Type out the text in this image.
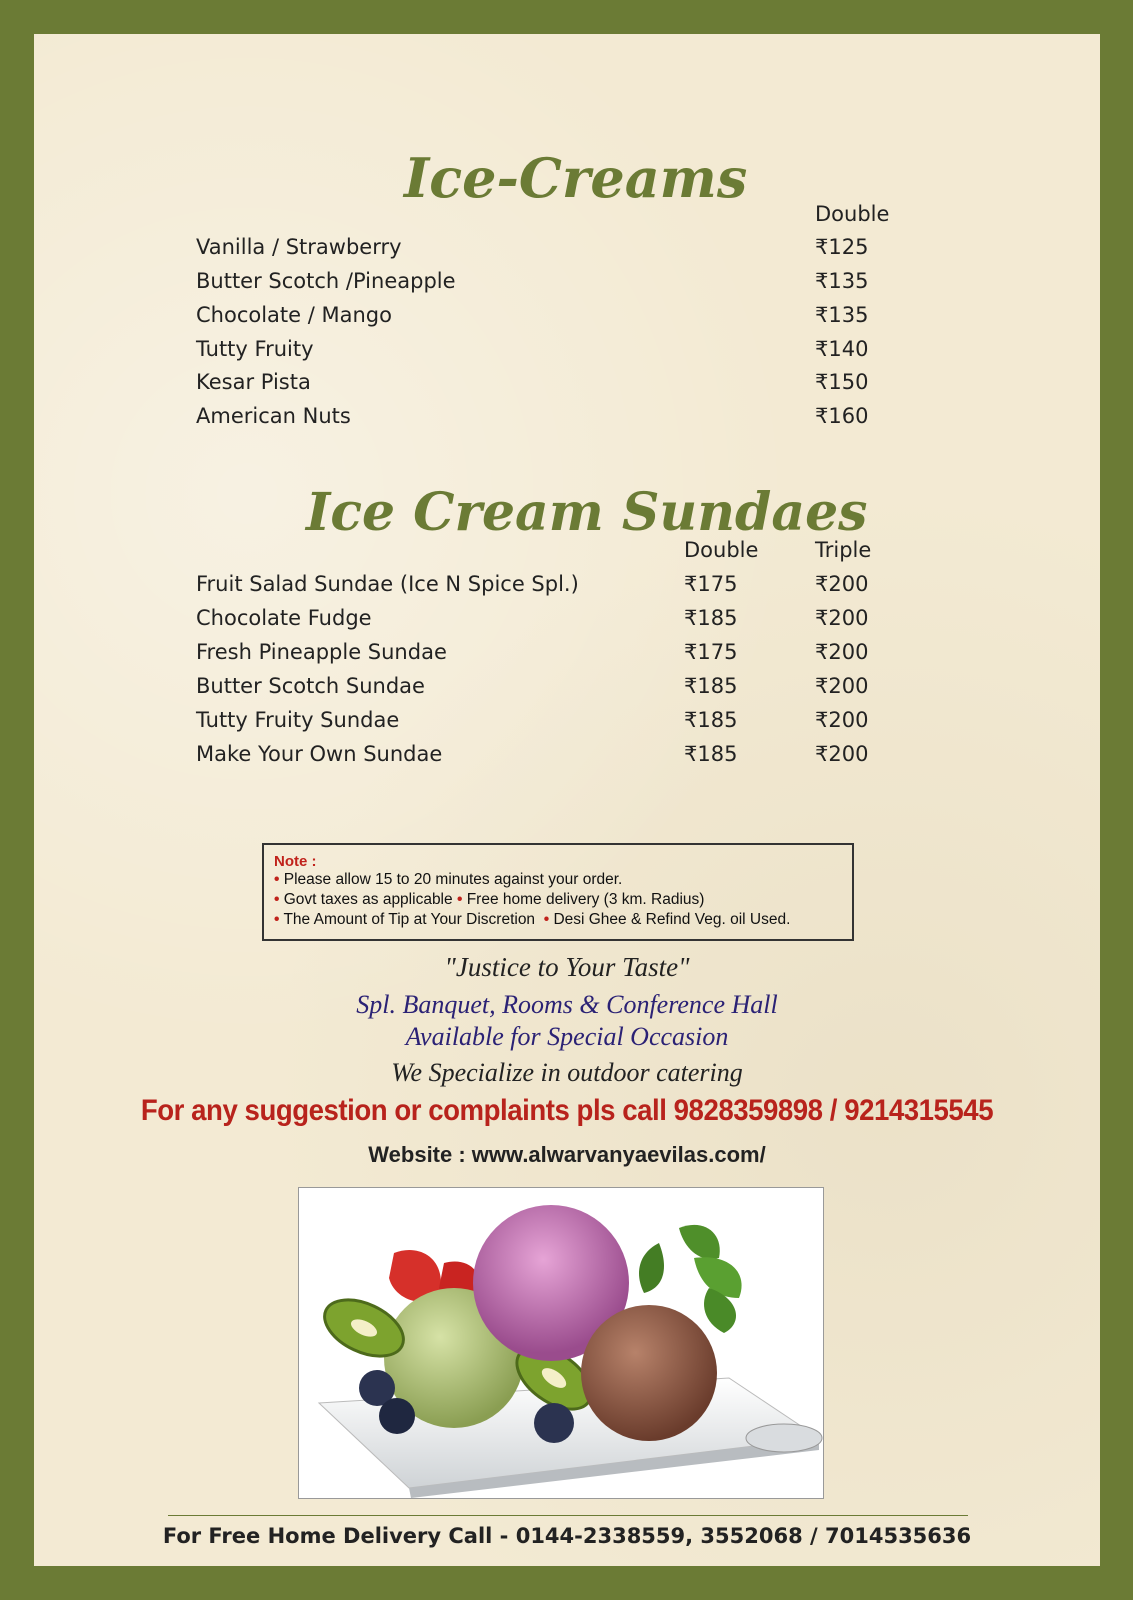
Ice-Creams
Double
Vanilla / Strawberry	₹125
Butter Scotch /Pineapple	₹135
Chocolate / Mango	₹135
Tutty Fruity	₹140
Kesar Pista	₹150
American Nuts	₹160
Ice Cream Sundaes
Double	Triple
Fruit Salad Sundae (Ice N Spice Spl.)	₹175	₹200
Chocolate Fudge	₹185	₹200
Fresh Pineapple Sundae	₹175	₹200
Butter Scotch Sundae	₹185	₹200
Tutty Fruity Sundae	₹185	₹200
Make Your Own Sundae	₹185	₹200
Note :
• Please allow 15 to 20 minutes against your order.
• Govt taxes as applicable • Free home delivery (3 km. Radius)
• The Amount of Tip at Your Discretion • Desi Ghee & Refind Veg. oil Used.
"Justice to Your Taste"
Spl. Banquet, Rooms & Conference Hall
Available for Special Occasion
We Specialize in outdoor catering
For any suggestion or complaints pls call 9828359898 / 9214315545
Website : www.alwarvanyaevilas.com/
For Free Home Delivery Call - 0144-2338559, 3552068 / 7014535636
